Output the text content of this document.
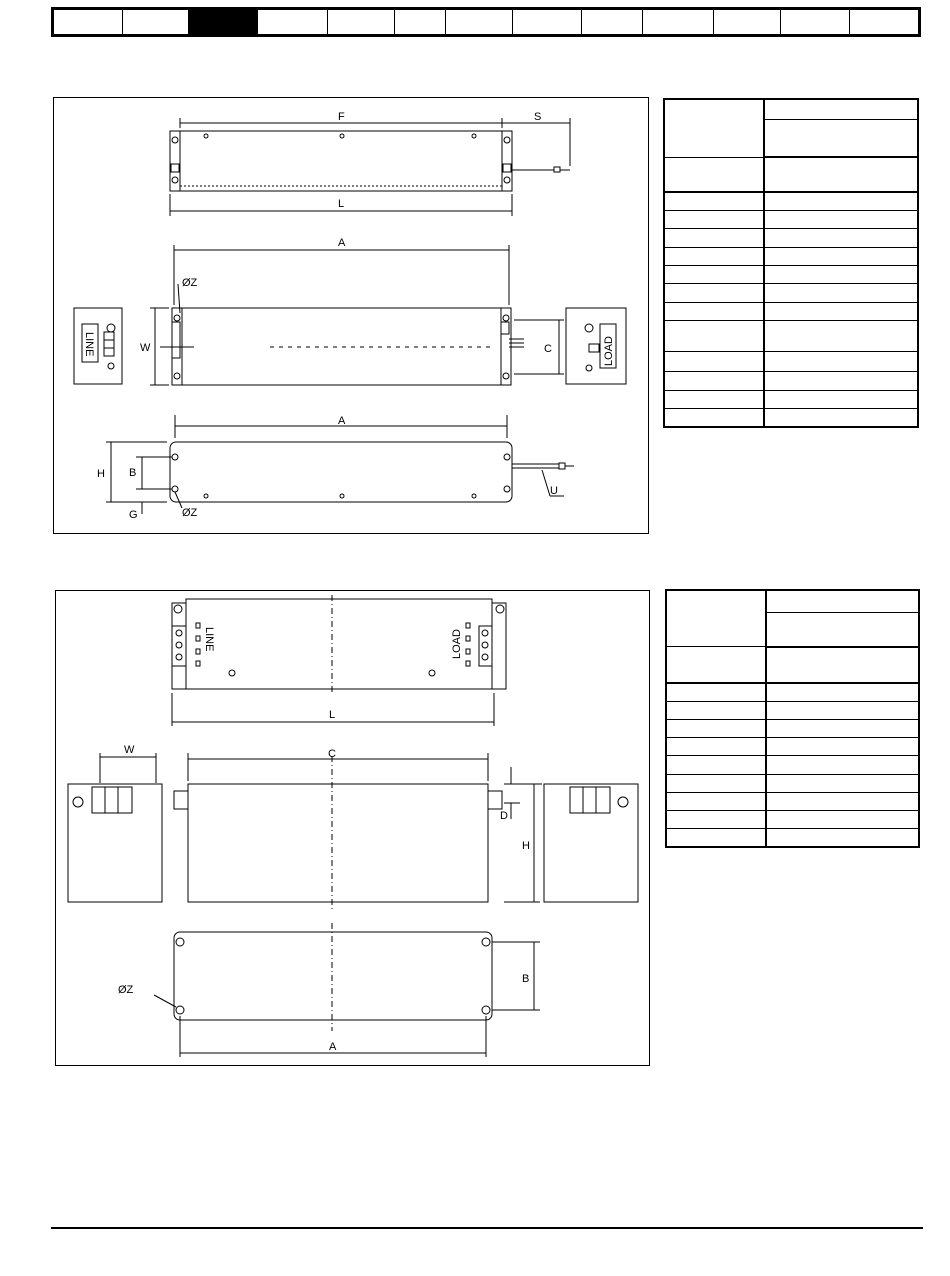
F	S
L
A
ØZ
W	C
LINE	LOAD
A
H B
G	ØZ
U

LINE	LOAD
L
C
D
H
W
B
ØZ
A
